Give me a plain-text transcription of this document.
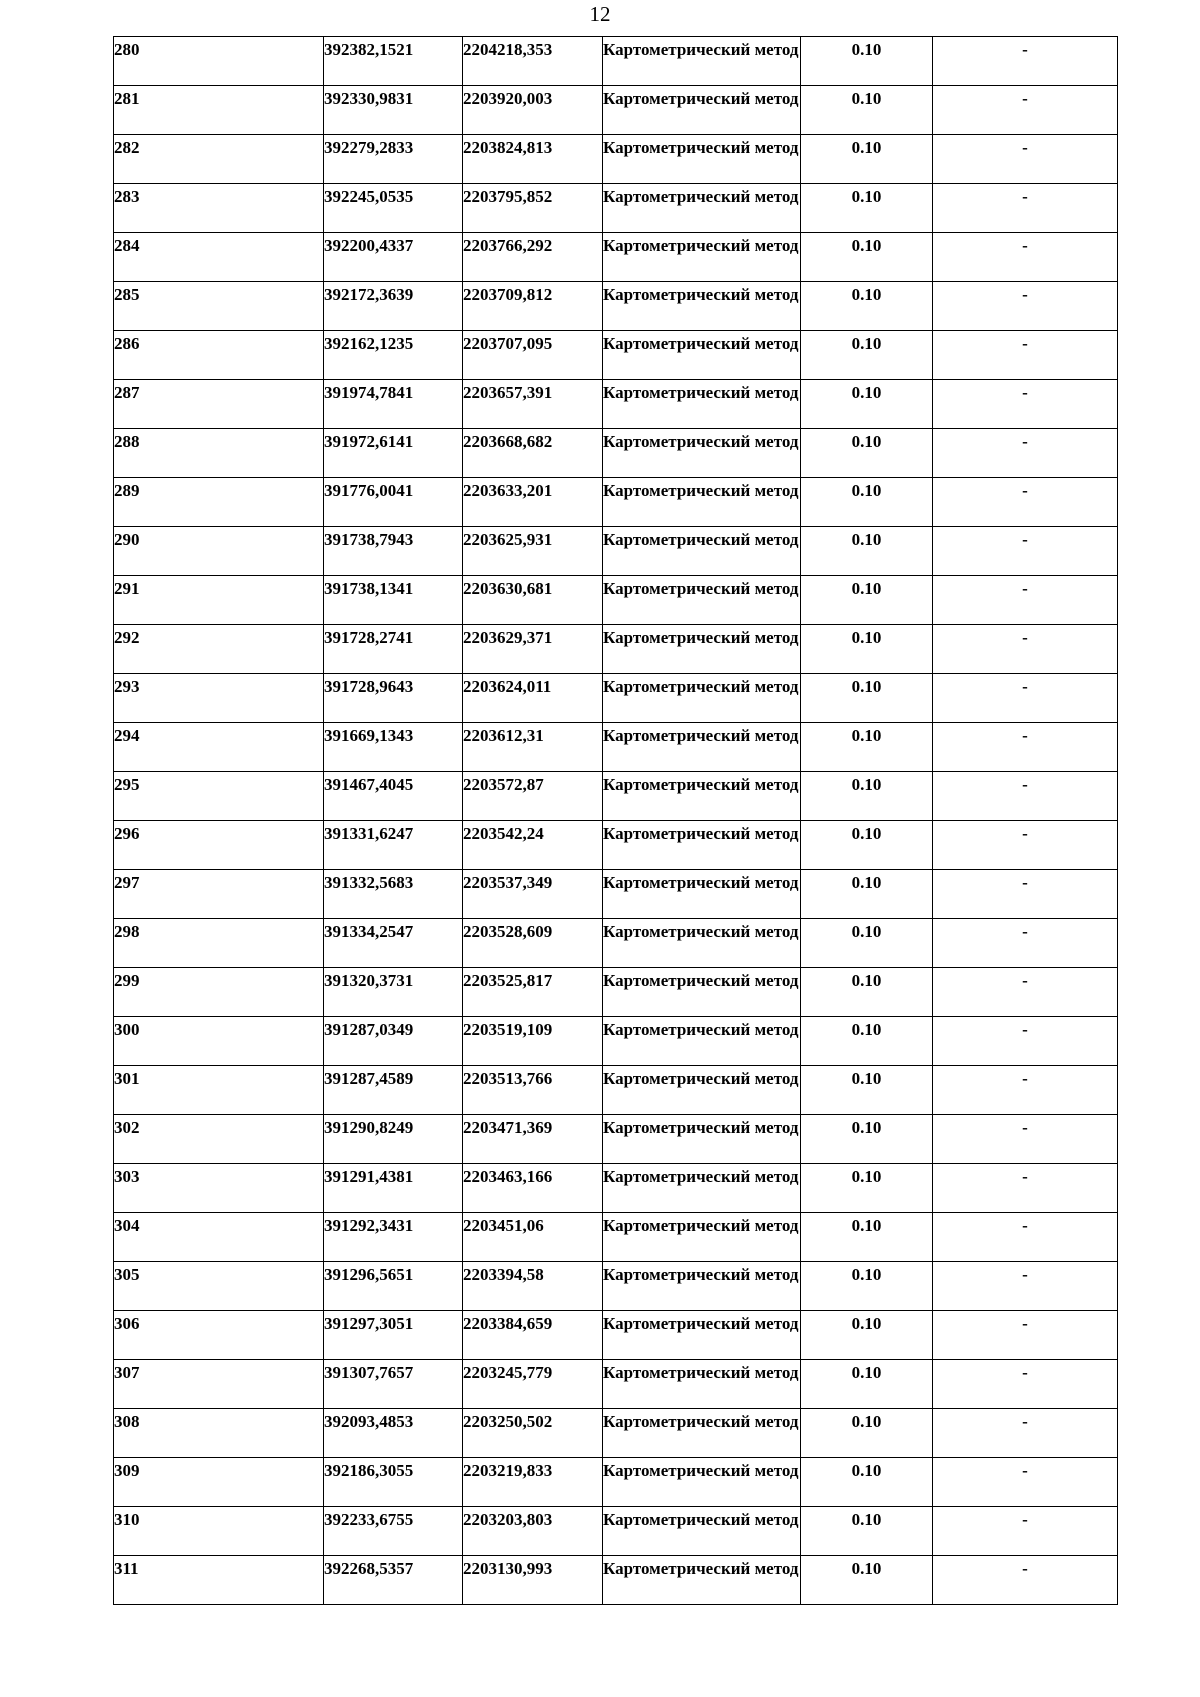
12
280	392382,1521	2204218,353	Картометрический метод	0.10	-
281	392330,9831	2203920,003	Картометрический метод	0.10	-
282	392279,2833	2203824,813	Картометрический метод	0.10	-
283	392245,0535	2203795,852	Картометрический метод	0.10	-
284	392200,4337	2203766,292	Картометрический метод	0.10	-
285	392172,3639	2203709,812	Картометрический метод	0.10	-
286	392162,1235	2203707,095	Картометрический метод	0.10	-
287	391974,7841	2203657,391	Картометрический метод	0.10	-
288	391972,6141	2203668,682	Картометрический метод	0.10	-
289	391776,0041	2203633,201	Картометрический метод	0.10	-
290	391738,7943	2203625,931	Картометрический метод	0.10	-
291	391738,1341	2203630,681	Картометрический метод	0.10	-
292	391728,2741	2203629,371	Картометрический метод	0.10	-
293	391728,9643	2203624,011	Картометрический метод	0.10	-
294	391669,1343	2203612,31	Картометрический метод	0.10	-
295	391467,4045	2203572,87	Картометрический метод	0.10	-
296	391331,6247	2203542,24	Картометрический метод	0.10	-
297	391332,5683	2203537,349	Картометрический метод	0.10	-
298	391334,2547	2203528,609	Картометрический метод	0.10	-
299	391320,3731	2203525,817	Картометрический метод	0.10	-
300	391287,0349	2203519,109	Картометрический метод	0.10	-
301	391287,4589	2203513,766	Картометрический метод	0.10	-
302	391290,8249	2203471,369	Картометрический метод	0.10	-
303	391291,4381	2203463,166	Картометрический метод	0.10	-
304	391292,3431	2203451,06	Картометрический метод	0.10	-
305	391296,5651	2203394,58	Картометрический метод	0.10	-
306	391297,3051	2203384,659	Картометрический метод	0.10	-
307	391307,7657	2203245,779	Картометрический метод	0.10	-
308	392093,4853	2203250,502	Картометрический метод	0.10	-
309	392186,3055	2203219,833	Картометрический метод	0.10	-
310	392233,6755	2203203,803	Картометрический метод	0.10	-
311	392268,5357	2203130,993	Картометрический метод	0.10	-
